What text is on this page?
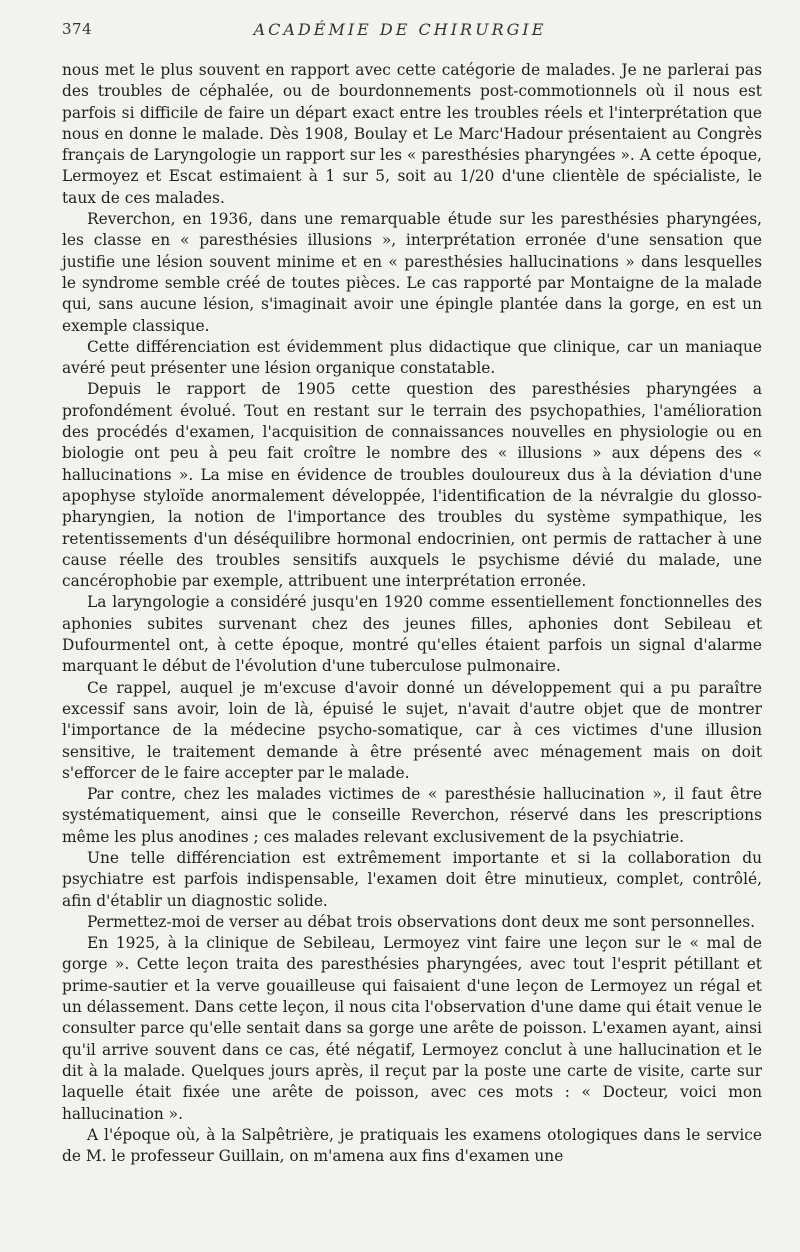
374	ACADÉMIE DE CHIRURGIE

nous met le plus souvent en rapport avec cette catégorie de malades. Je ne parlerai pas des troubles de céphalée, ou de bourdonnements post-commotionnels où il nous est parfois si difficile de faire un départ exact entre les troubles réels et l'interprétation que nous en donne le malade. Dès 1908, Boulay et Le Marc'Hadour présentaient au Congrès français de Laryngologie un rapport sur les « paresthésies pharyngées ». A cette époque, Lermoyez et Escat estimaient à 1 sur 5, soit au 1/20 d'une clientèle de spécialiste, le taux de ces malades.

Reverchon, en 1936, dans une remarquable étude sur les paresthésies pharyngées, les classe en « paresthésies illusions », interprétation erronée d'une sensation que justifie une lésion souvent minime et en « paresthésies hallucinations » dans lesquelles le syndrome semble créé de toutes pièces. Le cas rapporté par Montaigne de la malade qui, sans aucune lésion, s'imaginait avoir une épingle plantée dans la gorge, en est un exemple classique.

Cette différenciation est évidemment plus didactique que clinique, car un maniaque avéré peut présenter une lésion organique constatable.

Depuis le rapport de 1905 cette question des paresthésies pharyngées a profondément évolué. Tout en restant sur le terrain des psychopathies, l'amélioration des procédés d'examen, l'acquisition de connaissances nouvelles en physiologie ou en biologie ont peu à peu fait croître le nombre des « illusions » aux dépens des « hallucinations ». La mise en évidence de troubles douloureux dus à la déviation d'une apophyse styloïde anormalement développée, l'identification de la névralgie du glosso-pharyngien, la notion de l'importance des troubles du système sympathique, les retentissements d'un déséquilibre hormonal endocrinien, ont permis de rattacher à une cause réelle des troubles sensitifs auxquels le psychisme dévié du malade, une cancérophobie par exemple, attribuent une interprétation erronée.

La laryngologie a considéré jusqu'en 1920 comme essentiellement fonctionnelles des aphonies subites survenant chez des jeunes filles, aphonies dont Sebileau et Dufourmentel ont, à cette époque, montré qu'elles étaient parfois un signal d'alarme marquant le début de l'évolution d'une tuberculose pulmonaire.

Ce rappel, auquel je m'excuse d'avoir donné un développement qui a pu paraître excessif sans avoir, loin de là, épuisé le sujet, n'avait d'autre objet que de montrer l'importance de la médecine psycho-somatique, car à ces victimes d'une illusion sensitive, le traitement demande à être présenté avec ménagement mais on doit s'efforcer de le faire accepter par le malade.

Par contre, chez les malades victimes de « paresthésie hallucination », il faut être systématiquement, ainsi que le conseille Reverchon, réservé dans les prescriptions même les plus anodines ; ces malades relevant exclusivement de la psychiatrie.

Une telle différenciation est extrêmement importante et si la collaboration du psychiatre est parfois indispensable, l'examen doit être minutieux, complet, contrôlé, afin d'établir un diagnostic solide.

Permettez-moi de verser au débat trois observations dont deux me sont personnelles.

En 1925, à la clinique de Sebileau, Lermoyez vint faire une leçon sur le « mal de gorge ». Cette leçon traita des paresthésies pharyngées, avec tout l'esprit pétillant et prime-sautier et la verve gouailleuse qui faisaient d'une leçon de Lermoyez un régal et un délassement. Dans cette leçon, il nous cita l'observation d'une dame qui était venue le consulter parce qu'elle sentait dans sa gorge une arête de poisson. L'examen ayant, ainsi qu'il arrive souvent dans ce cas, été négatif, Lermoyez conclut à une hallucination et le dit à la malade. Quelques jours après, il reçut par la poste une carte de visite, carte sur laquelle était fixée une arête de poisson, avec ces mots : « Docteur, voici mon hallucination ».

A l'époque où, à la Salpêtrière, je pratiquais les examens otologiques dans le service de M. le professeur Guillain, on m'amena aux fins d'examen une
